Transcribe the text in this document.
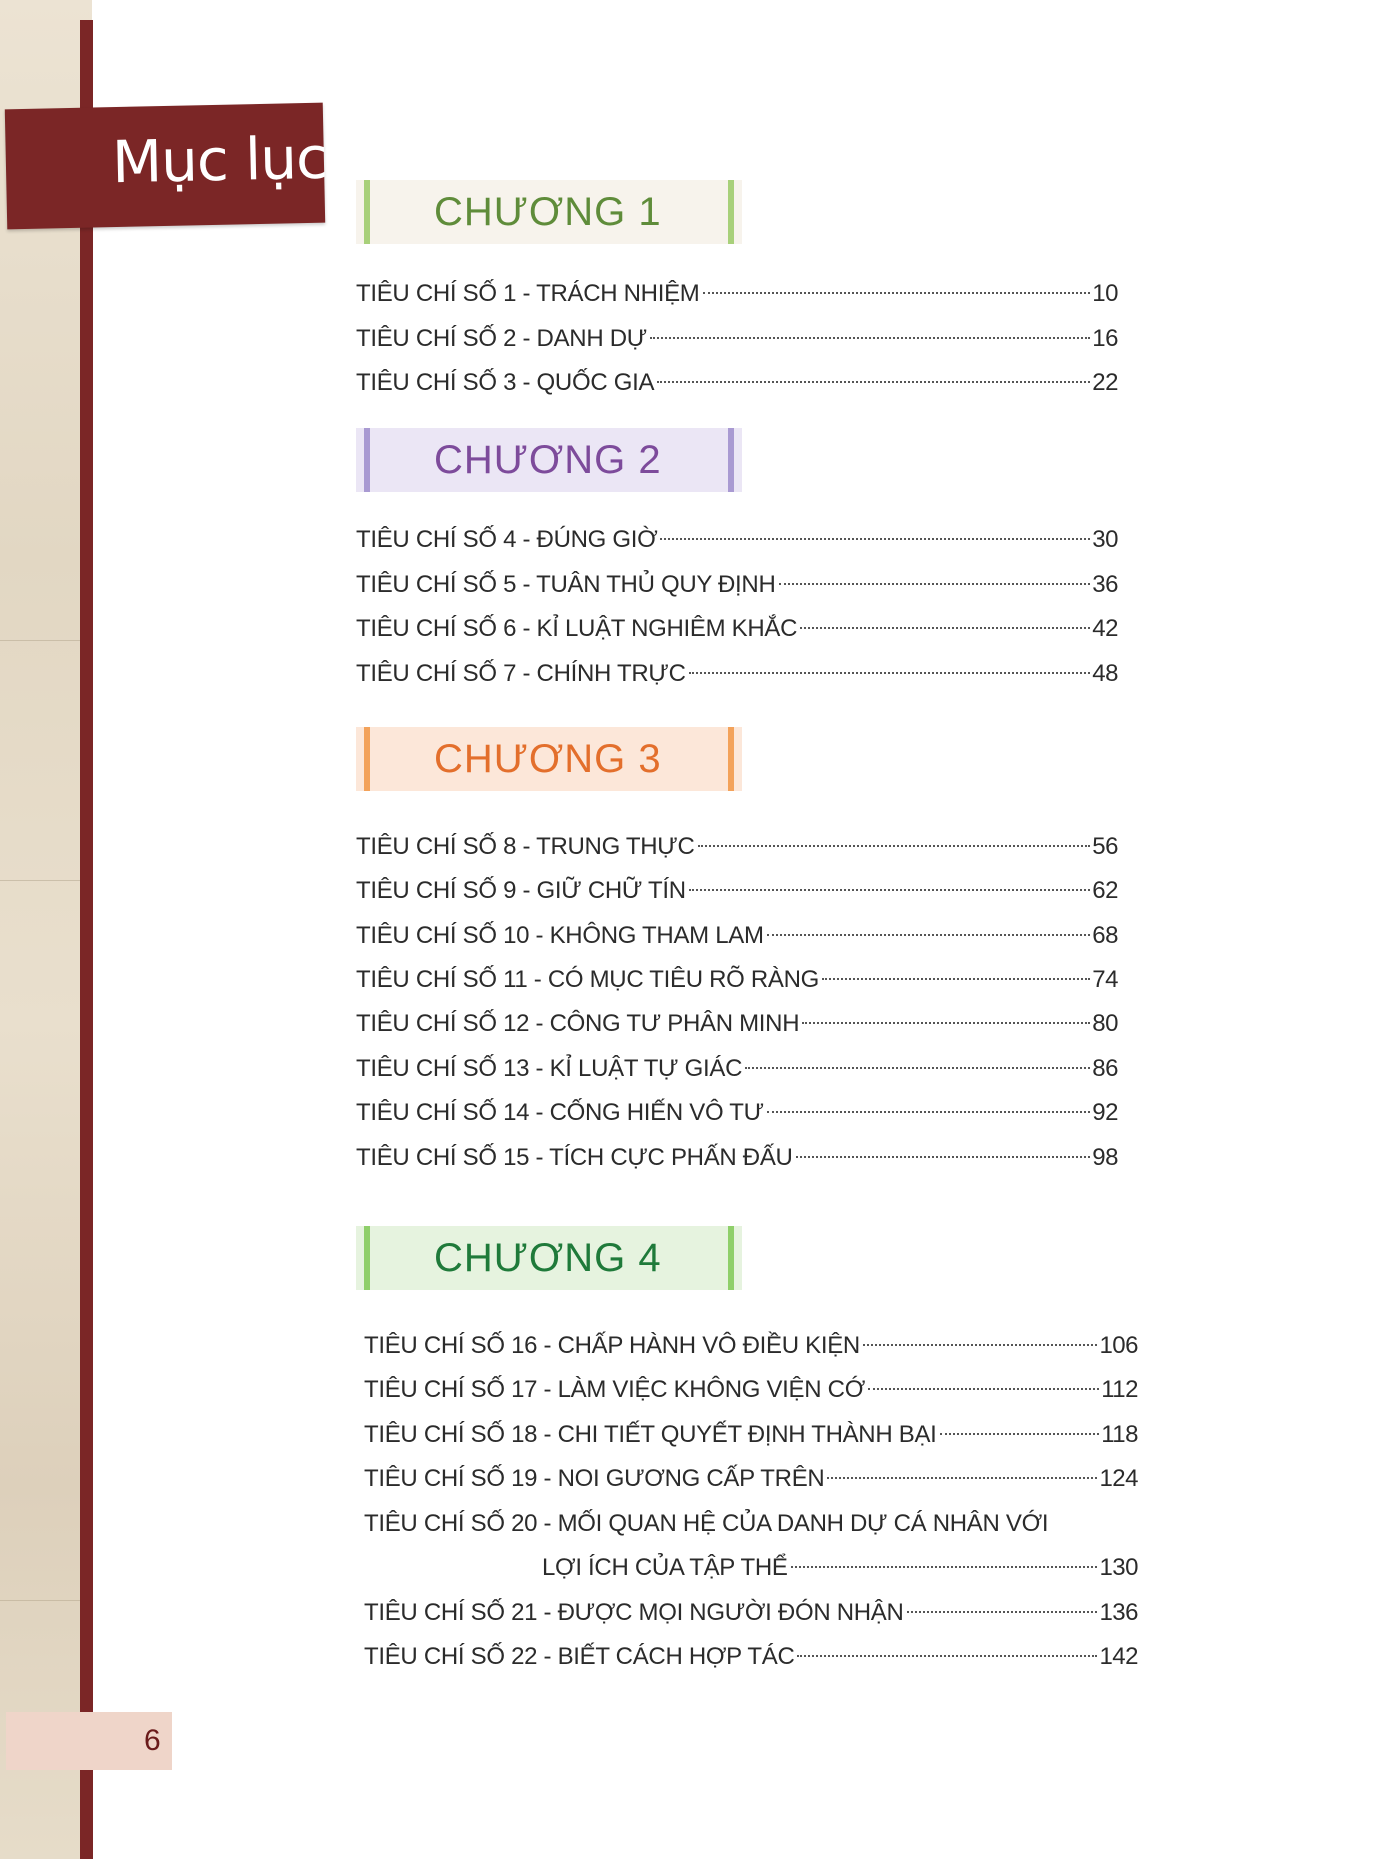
Mục lục
CHƯƠNG 1
CHƯƠNG 2
CHƯƠNG 3
CHƯƠNG 4
TIÊU CHÍ SỐ 1 - TRÁCH NHIỆM	10
TIÊU CHÍ SỐ 2 - DANH DỰ	16
TIÊU CHÍ SỐ 3 - QUỐC GIA	22
TIÊU CHÍ SỐ 4 - ĐÚNG GIỜ	30
TIÊU CHÍ SỐ 5 - TUÂN THỦ QUY ĐỊNH	36
TIÊU CHÍ SỐ 6 - KỈ LUẬT NGHIÊM KHẮC	42
TIÊU CHÍ SỐ 7 - CHÍNH TRỰC	48
TIÊU CHÍ SỐ 8 - TRUNG THỰC	56
TIÊU CHÍ SỐ 9 - GIỮ CHỮ TÍN	62
TIÊU CHÍ SỐ 10 - KHÔNG THAM LAM	68
TIÊU CHÍ SỐ 11 - CÓ MỤC TIÊU RÕ RÀNG	74
TIÊU CHÍ SỐ 12 - CÔNG TƯ PHÂN MINH	80
TIÊU CHÍ SỐ 13 - KỈ LUẬT TỰ GIÁC	86
TIÊU CHÍ SỐ 14 - CỐNG HIẾN VÔ TƯ	92
TIÊU CHÍ SỐ 15 - TÍCH CỰC PHẤN ĐẤU	98
TIÊU CHÍ SỐ 16 - CHẤP HÀNH VÔ ĐIỀU KIỆN	106
TIÊU CHÍ SỐ 17 - LÀM VIỆC KHÔNG VIỆN CỚ	112
TIÊU CHÍ SỐ 18 - CHI TIẾT QUYẾT ĐỊNH THÀNH BẠI	118
TIÊU CHÍ SỐ 19 - NOI GƯƠNG CẤP TRÊN	124
TIÊU CHÍ SỐ 20 - MỐI QUAN HỆ CỦA DANH DỰ CÁ NHÂN VỚI
LỢI ÍCH CỦA TẬP THỂ	130
TIÊU CHÍ SỐ 21 - ĐƯỢC MỌI NGƯỜI ĐÓN NHẬN	136
TIÊU CHÍ SỐ 22 - BIẾT CÁCH HỢP TÁC	142
6
